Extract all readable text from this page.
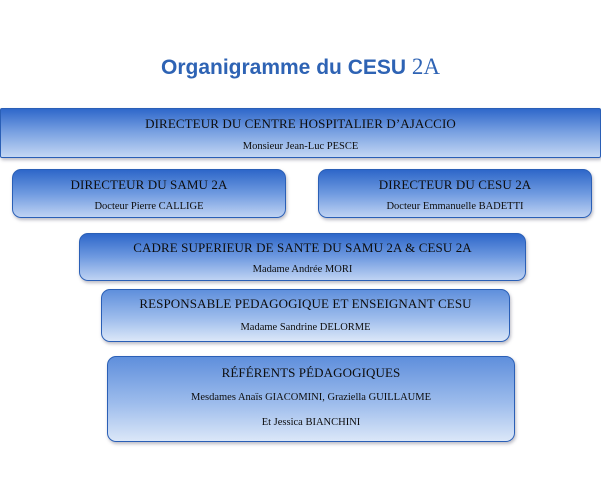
Organigramme du CESU 2A
DIRECTEUR DU CENTRE HOSPITALIER D’AJACCIO
Monsieur Jean-Luc PESCE
DIRECTEUR DU SAMU 2A
Docteur Pierre CALLIGE
DIRECTEUR DU CESU 2A
Docteur Emmanuelle BADETTI
CADRE SUPERIEUR DE SANTE DU SAMU 2A & CESU 2A
Madame Andrée MORI
RESPONSABLE PEDAGOGIQUE ET ENSEIGNANT CESU
Madame Sandrine DELORME
RÉFÉRENTS PÉDAGOGIQUES
Mesdames Anaïs GIACOMINI, Graziella GUILLAUME
Et Jessica BIANCHINI
